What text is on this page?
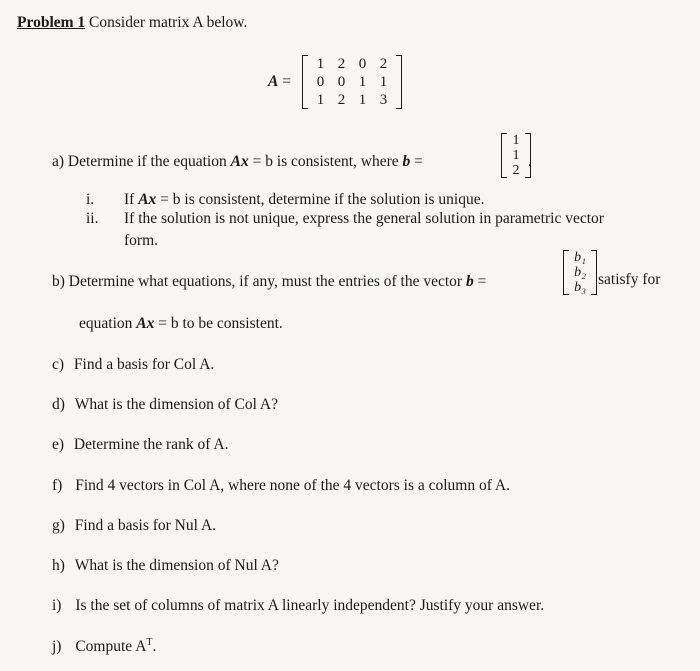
Problem 1 Consider matrix A below.
A =
1 2 0 2
0 0 1 1
1 2 1 3
a) Determine if the equation Ax = b is consistent, where b =
1
1
2
.
i. If Ax = b is consistent, determine if the solution is unique.
ii. If the solution is not unique, express the general solution in parametric vector
form.
b) Determine what equations, if any, must the entries of the vector b =
b₁
b₂
b₃ satisfy for
equation Ax = b to be consistent.
c) Find a basis for Col A.
d) What is the dimension of Col A?
e) Determine the rank of A.
f) Find 4 vectors in Col A, where none of the 4 vectors is a column of A.
g) Find a basis for Nul A.
h) What is the dimension of Nul A?
i) Is the set of columns of matrix A linearly independent? Justify your answer.
j) Compute $A^T$.
